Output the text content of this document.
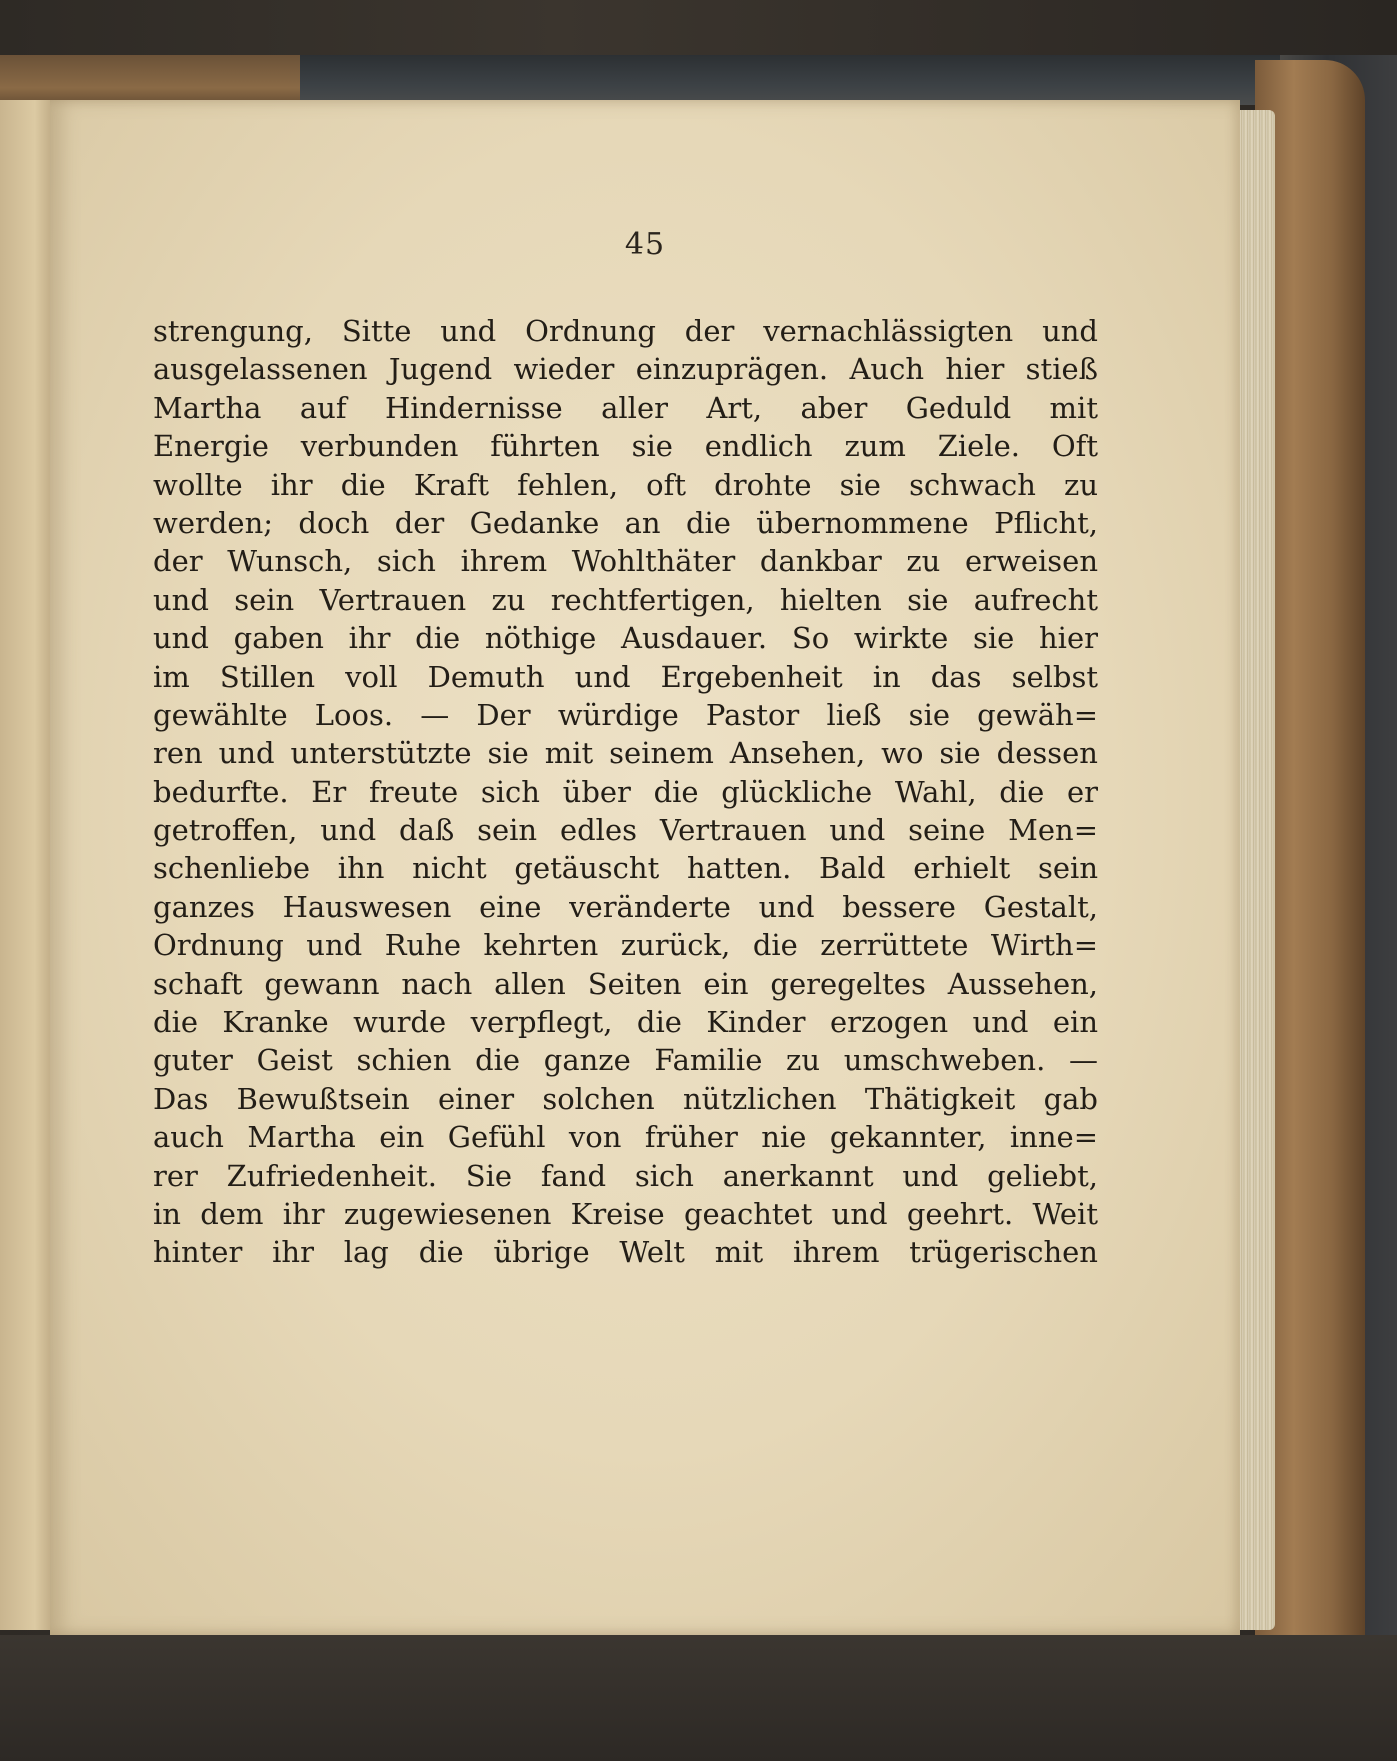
45
strengung, Sitte und Ordnung der vernachlässigten und
ausgelassenen Jugend wieder einzuprägen. Auch hier stieß
Martha auf Hindernisse aller Art, aber Geduld mit
Energie verbunden führten sie endlich zum Ziele. Oft
wollte ihr die Kraft fehlen, oft drohte sie schwach zu
werden; doch der Gedanke an die übernommene Pflicht,
der Wunsch, sich ihrem Wohlthäter dankbar zu erweisen
und sein Vertrauen zu rechtfertigen, hielten sie aufrecht
und gaben ihr die nöthige Ausdauer. So wirkte sie hier
im Stillen voll Demuth und Ergebenheit in das selbst
gewählte Loos. — Der würdige Pastor ließ sie gewäh=
ren und unterstützte sie mit seinem Ansehen, wo sie dessen
bedurfte. Er freute sich über die glückliche Wahl, die er
getroffen, und daß sein edles Vertrauen und seine Men=
schenliebe ihn nicht getäuscht hatten. Bald erhielt sein
ganzes Hauswesen eine veränderte und bessere Gestalt,
Ordnung und Ruhe kehrten zurück, die zerrüttete Wirth=
schaft gewann nach allen Seiten ein geregeltes Aussehen,
die Kranke wurde verpflegt, die Kinder erzogen und ein
guter Geist schien die ganze Familie zu umschweben. —
Das Bewußtsein einer solchen nützlichen Thätigkeit gab
auch Martha ein Gefühl von früher nie gekannter, inne=
rer Zufriedenheit. Sie fand sich anerkannt und geliebt,
in dem ihr zugewiesenen Kreise geachtet und geehrt. Weit
hinter ihr lag die übrige Welt mit ihrem trügerischen
